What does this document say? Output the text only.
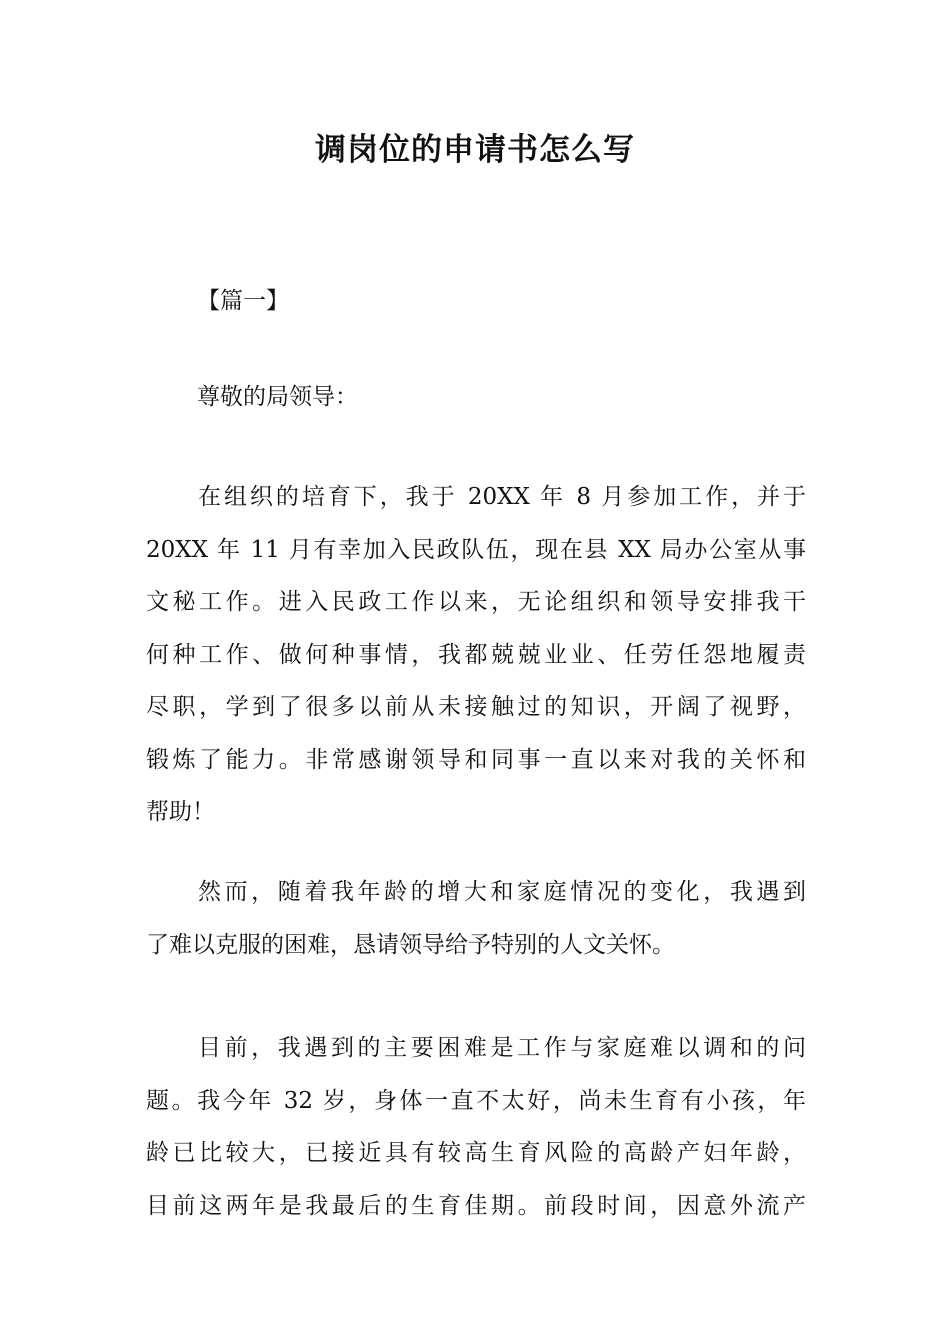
调岗位的申请书怎么写
【篇一】
尊敬的局领导：
在组织的培育下，我于 20XX 年 8 月参加工作，并于
20XX 年 11 月有幸加入民政队伍，现在县 XX 局办公室从事
文秘工作。进入民政工作以来，无论组织和领导安排我干
何种工作、做何种事情，我都兢兢业业、任劳任怨地履责
尽职，学到了很多以前从未接触过的知识，开阔了视野，
锻炼了能力。非常感谢领导和同事一直以来对我的关怀和
帮助！
然而，随着我年龄的增大和家庭情况的变化，我遇到
了难以克服的困难，恳请领导给予特别的人文关怀。
目前，我遇到的主要困难是工作与家庭难以调和的问
题。我今年 32 岁，身体一直不太好，尚未生育有小孩，年
龄已比较大，已接近具有较高生育风险的高龄产妇年龄，
目前这两年是我最后的生育佳期。前段时间，因意外流产
